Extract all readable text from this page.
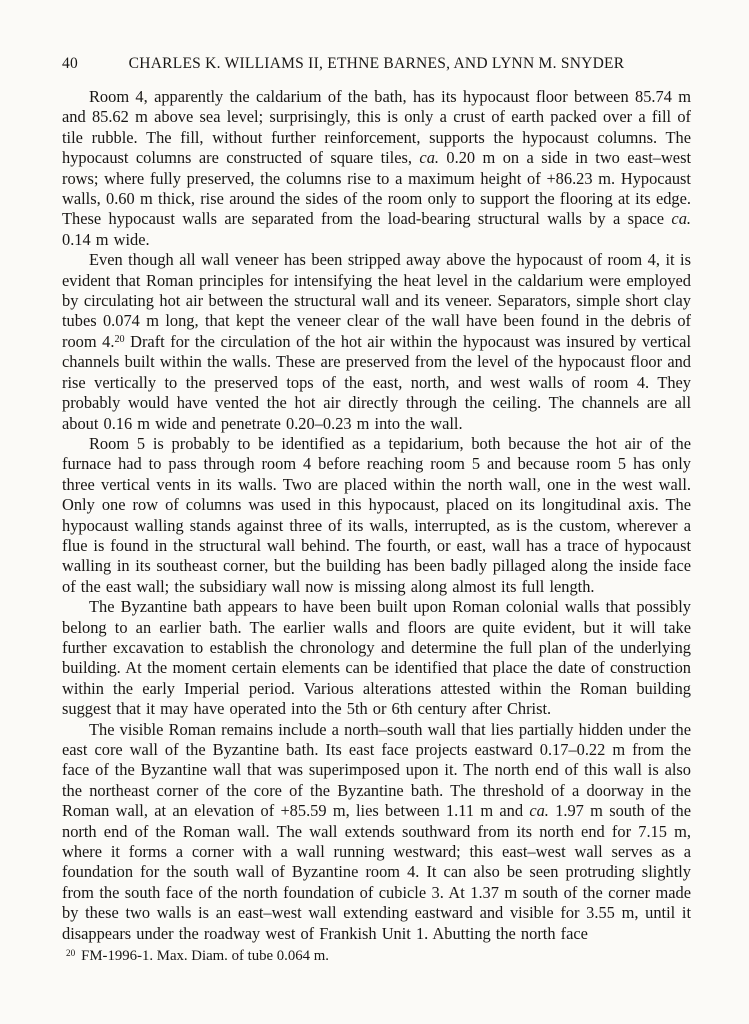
40	CHARLES K. WILLIAMS II, ETHNE BARNES, AND LYNN M. SNYDER

Room 4, apparently the caldarium of the bath, has its hypocaust floor between 85.74 m and 85.62 m above sea level; surprisingly, this is only a crust of earth packed over a fill of tile rubble. The fill, without further reinforcement, supports the hypocaust columns. The hypocaust columns are constructed of square tiles, ca. 0.20 m on a side in two east–west rows; where fully preserved, the columns rise to a maximum height of +86.23 m. Hypocaust walls, 0.60 m thick, rise around the sides of the room only to support the flooring at its edge. These hypocaust walls are separated from the load-bearing structural walls by a space ca. 0.14 m wide.

Even though all wall veneer has been stripped away above the hypocaust of room 4, it is evident that Roman principles for intensifying the heat level in the caldarium were employed by circulating hot air between the structural wall and its veneer. Separators, simple short clay tubes 0.074 m long, that kept the veneer clear of the wall have been found in the debris of room 4.20 Draft for the circulation of the hot air within the hypocaust was insured by vertical channels built within the walls. These are preserved from the level of the hypocaust floor and rise vertically to the preserved tops of the east, north, and west walls of room 4. They probably would have vented the hot air directly through the ceiling. The channels are all about 0.16 m wide and penetrate 0.20–0.23 m into the wall.

Room 5 is probably to be identified as a tepidarium, both because the hot air of the furnace had to pass through room 4 before reaching room 5 and because room 5 has only three vertical vents in its walls. Two are placed within the north wall, one in the west wall. Only one row of columns was used in this hypocaust, placed on its longitudinal axis. The hypocaust walling stands against three of its walls, interrupted, as is the custom, wherever a flue is found in the structural wall behind. The fourth, or east, wall has a trace of hypocaust walling in its southeast corner, but the building has been badly pillaged along the inside face of the east wall; the subsidiary wall now is missing along almost its full length.

The Byzantine bath appears to have been built upon Roman colonial walls that possibly belong to an earlier bath. The earlier walls and floors are quite evident, but it will take further excavation to establish the chronology and determine the full plan of the underlying building. At the moment certain elements can be identified that place the date of construction within the early Imperial period. Various alterations attested within the Roman building suggest that it may have operated into the 5th or 6th century after Christ.

The visible Roman remains include a north–south wall that lies partially hidden under the east core wall of the Byzantine bath. Its east face projects eastward 0.17–0.22 m from the face of the Byzantine wall that was superimposed upon it. The north end of this wall is also the northeast corner of the core of the Byzantine bath. The threshold of a doorway in the Roman wall, at an elevation of +85.59 m, lies between 1.11 m and ca. 1.97 m south of the north end of the Roman wall. The wall extends southward from its north end for 7.15 m, where it forms a corner with a wall running westward; this east–west wall serves as a foundation for the south wall of Byzantine room 4. It can also be seen protruding slightly from the south face of the north foundation of cubicle 3. At 1.37 m south of the corner made by these two walls is an east–west wall extending eastward and visible for 3.55 m, until it disappears under the roadway west of Frankish Unit 1. Abutting the north face

$^{20}$ FM-1996-1. Max. Diam. of tube 0.064 m.
